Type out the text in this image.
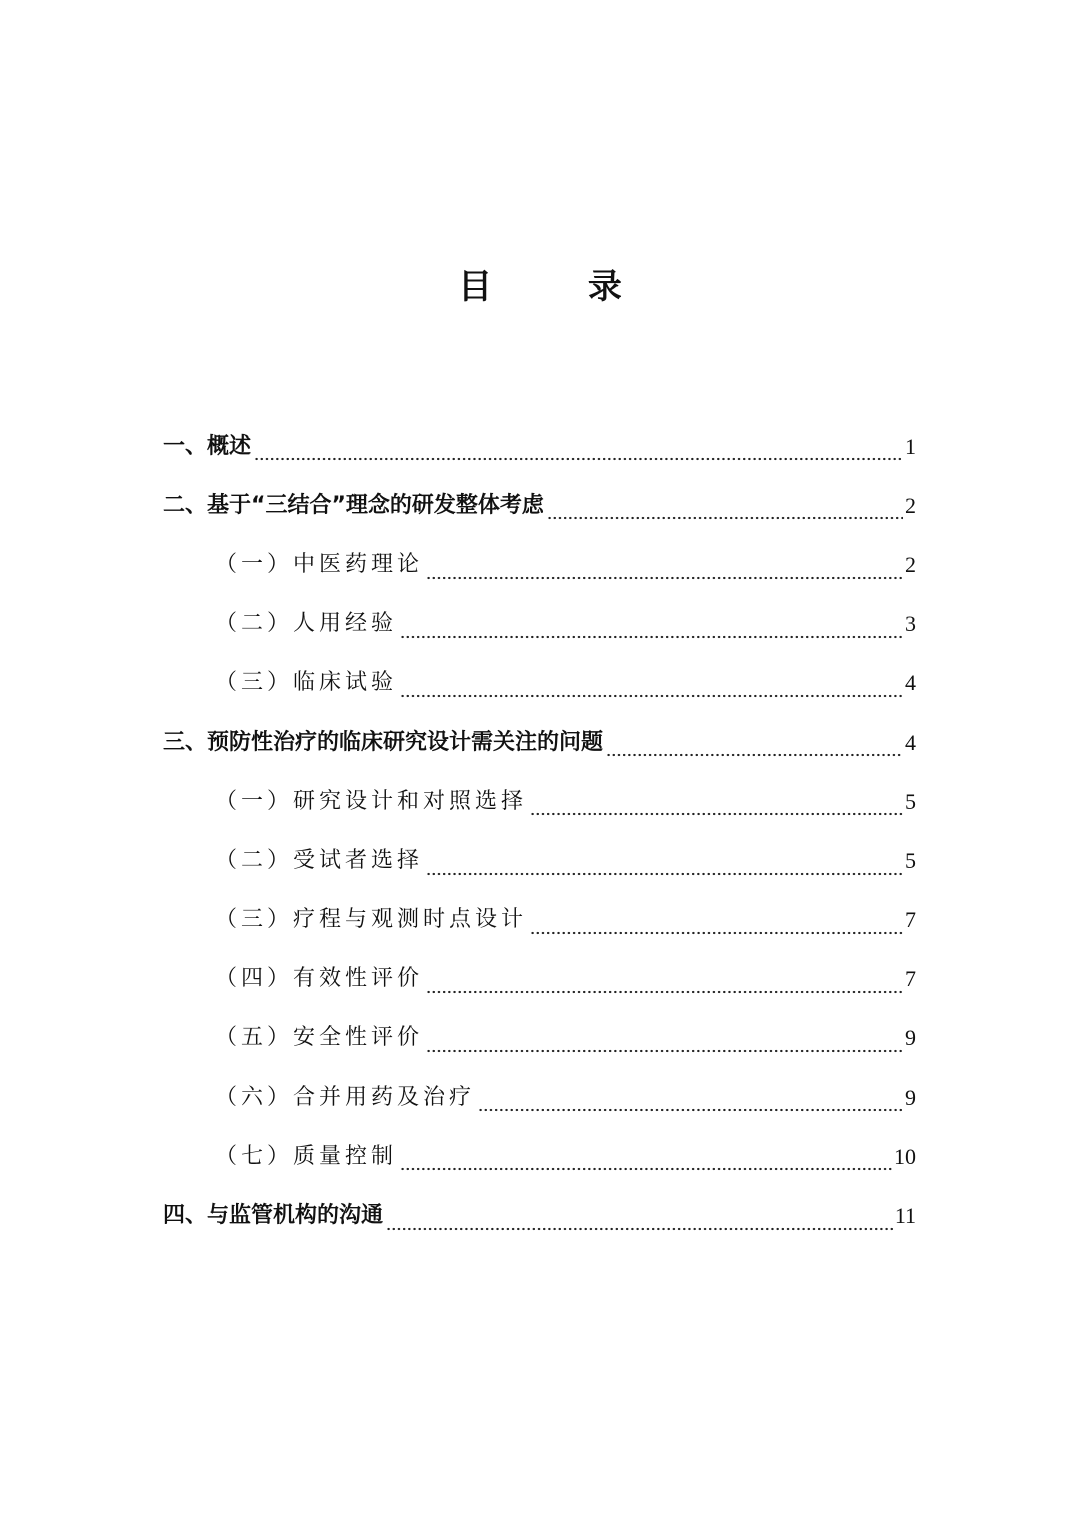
目 录
一、概述	1
二、基于“三结合”理念的研发整体考虑	2
（一）中医药理论	2
（二）人用经验	3
（三）临床试验	4
三、预防性治疗的临床研究设计需关注的问题	4
（一）研究设计和对照选择	5
（二）受试者选择	5
（三）疗程与观测时点设计	7
（四）有效性评价	7
（五）安全性评价	9
（六）合并用药及治疗	9
（七）质量控制	10
四、与监管机构的沟通	11
